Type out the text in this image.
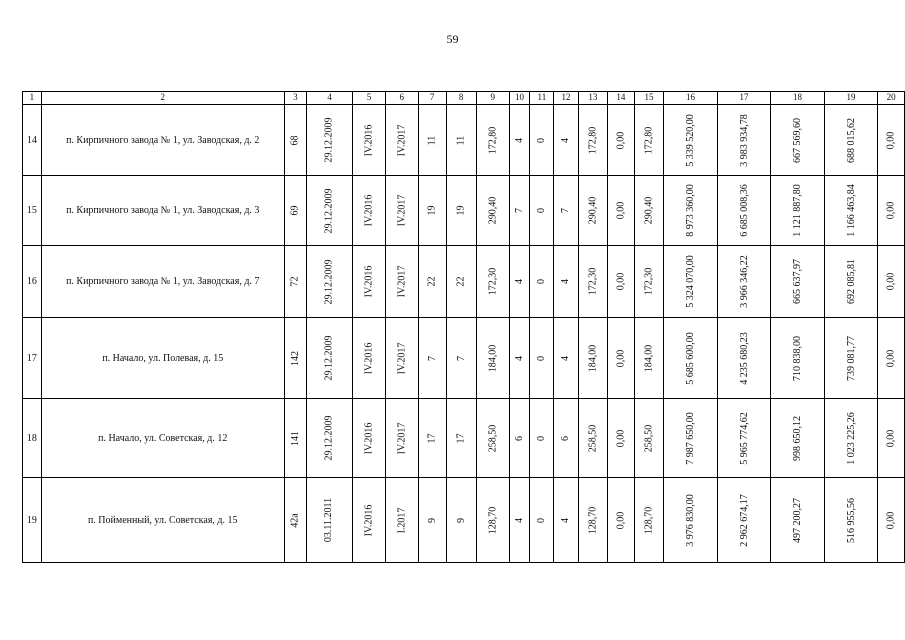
59
1	2	3	4	5	6	7	8	9	10	11	12	13	14	15	16	17	18	19	20
14	п. Кирпичного завода № 1, ул. Заводская, д. 2	68	29.12.2009	IV.2016	IV.2017	11	11	172,80	4	0	4	172,80	0,00	172,80	5 339 520,00	3 983 934,78	667 569,60	688 015,62	0,00
15	п. Кирпичного завода № 1, ул. Заводская, д. 3	69	29.12.2009	IV.2016	IV.2017	19	19	290,40	7	0	7	290,40	0,00	290,40	8 973 360,00	6 685 008,36	1 121 887,80	1 166 463,84	0,00
16	п. Кирпичного завода № 1, ул. Заводская, д. 7	72	29.12.2009	IV.2016	IV.2017	22	22	172,30	4	0	4	172,30	0,00	172,30	5 324 070,00	3 966 346,22	665 637,97	692 085,81	0,00
17	п. Начало, ул. Полевая, д. 15	142	29.12.2009	IV.2016	IV.2017	7	7	184,00	4	0	4	184,00	0,00	184,00	5 685 600,00	4 235 680,23	710 838,00	739 081,77	0,00
18	п. Начало, ул. Советская, д. 12	141	29.12.2009	IV.2016	IV.2017	17	17	258,50	6	0	6	258,50	0,00	258,50	7 987 650,00	5 965 774,62	998 650,12	1 023 225,26	0,00
19	п. Пойменный, ул. Советская, д. 15	42а	03.11.2011	IV.2016	I.2017	9	9	128,70	4	0	4	128,70	0,00	128,70	3 976 830,00	2 962 674,17	497 200,27	516 955,56	0,00
